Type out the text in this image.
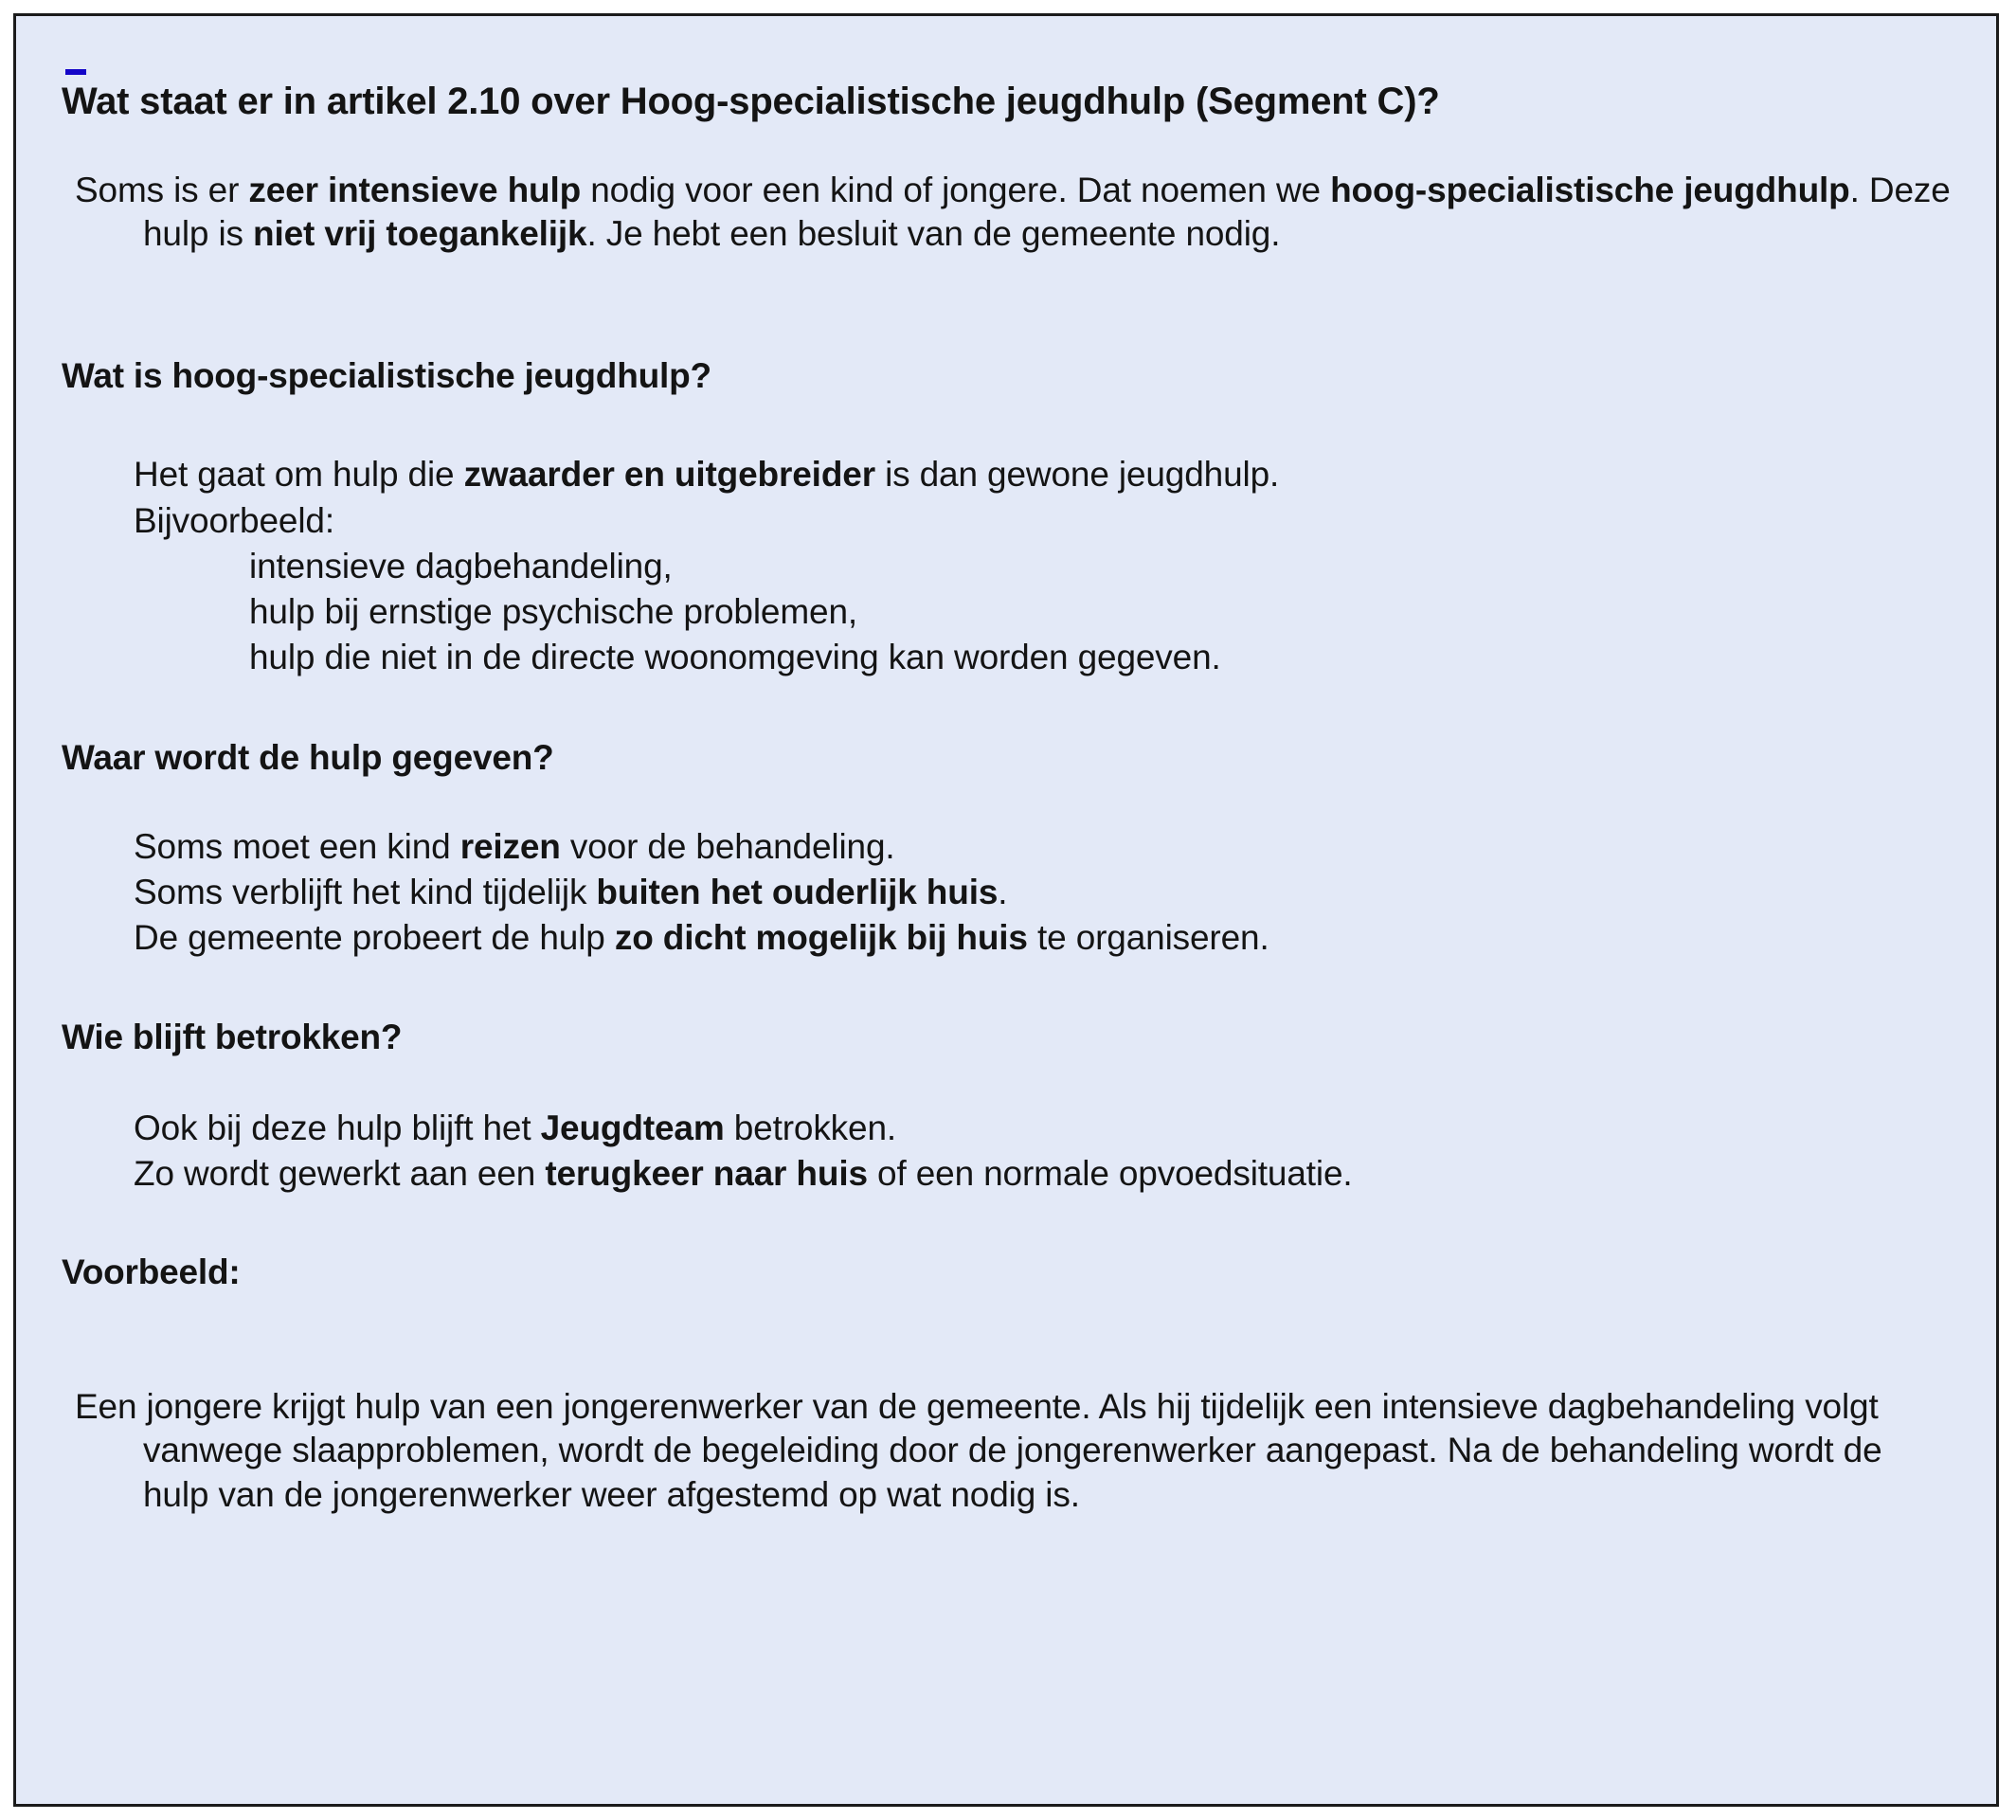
Wat staat er in artikel 2.10 over Hoog-specialistische jeugdhulp (Segment C)?

Soms is er zeer intensieve hulp nodig voor een kind of jongere. Dat noemen we hoog-specialistische jeugdhulp. Deze hulp is niet vrij toegankelijk. Je hebt een besluit van de gemeente nodig.

Wat is hoog-specialistische jeugdhulp?
Het gaat om hulp die zwaarder en uitgebreider is dan gewone jeugdhulp.
Bijvoorbeeld:
intensieve dagbehandeling,
hulp bij ernstige psychische problemen,
hulp die niet in de directe woonomgeving kan worden gegeven.
Waar wordt de hulp gegeven?
Soms moet een kind reizen voor de behandeling.
Soms verblijft het kind tijdelijk buiten het ouderlijk huis.
De gemeente probeert de hulp zo dicht mogelijk bij huis te organiseren.
Wie blijft betrokken?
Ook bij deze hulp blijft het Jeugdteam betrokken.
Zo wordt gewerkt aan een terugkeer naar huis of een normale opvoedsituatie.
Voorbeeld:

Een jongere krijgt hulp van een jongerenwerker van de gemeente. Als hij tijdelijk een intensieve dagbehandeling volgt vanwege slaapproblemen, wordt de begeleiding door de jongerenwerker aangepast. Na de behandeling wordt de hulp van de jongerenwerker weer afgestemd op wat nodig is.
